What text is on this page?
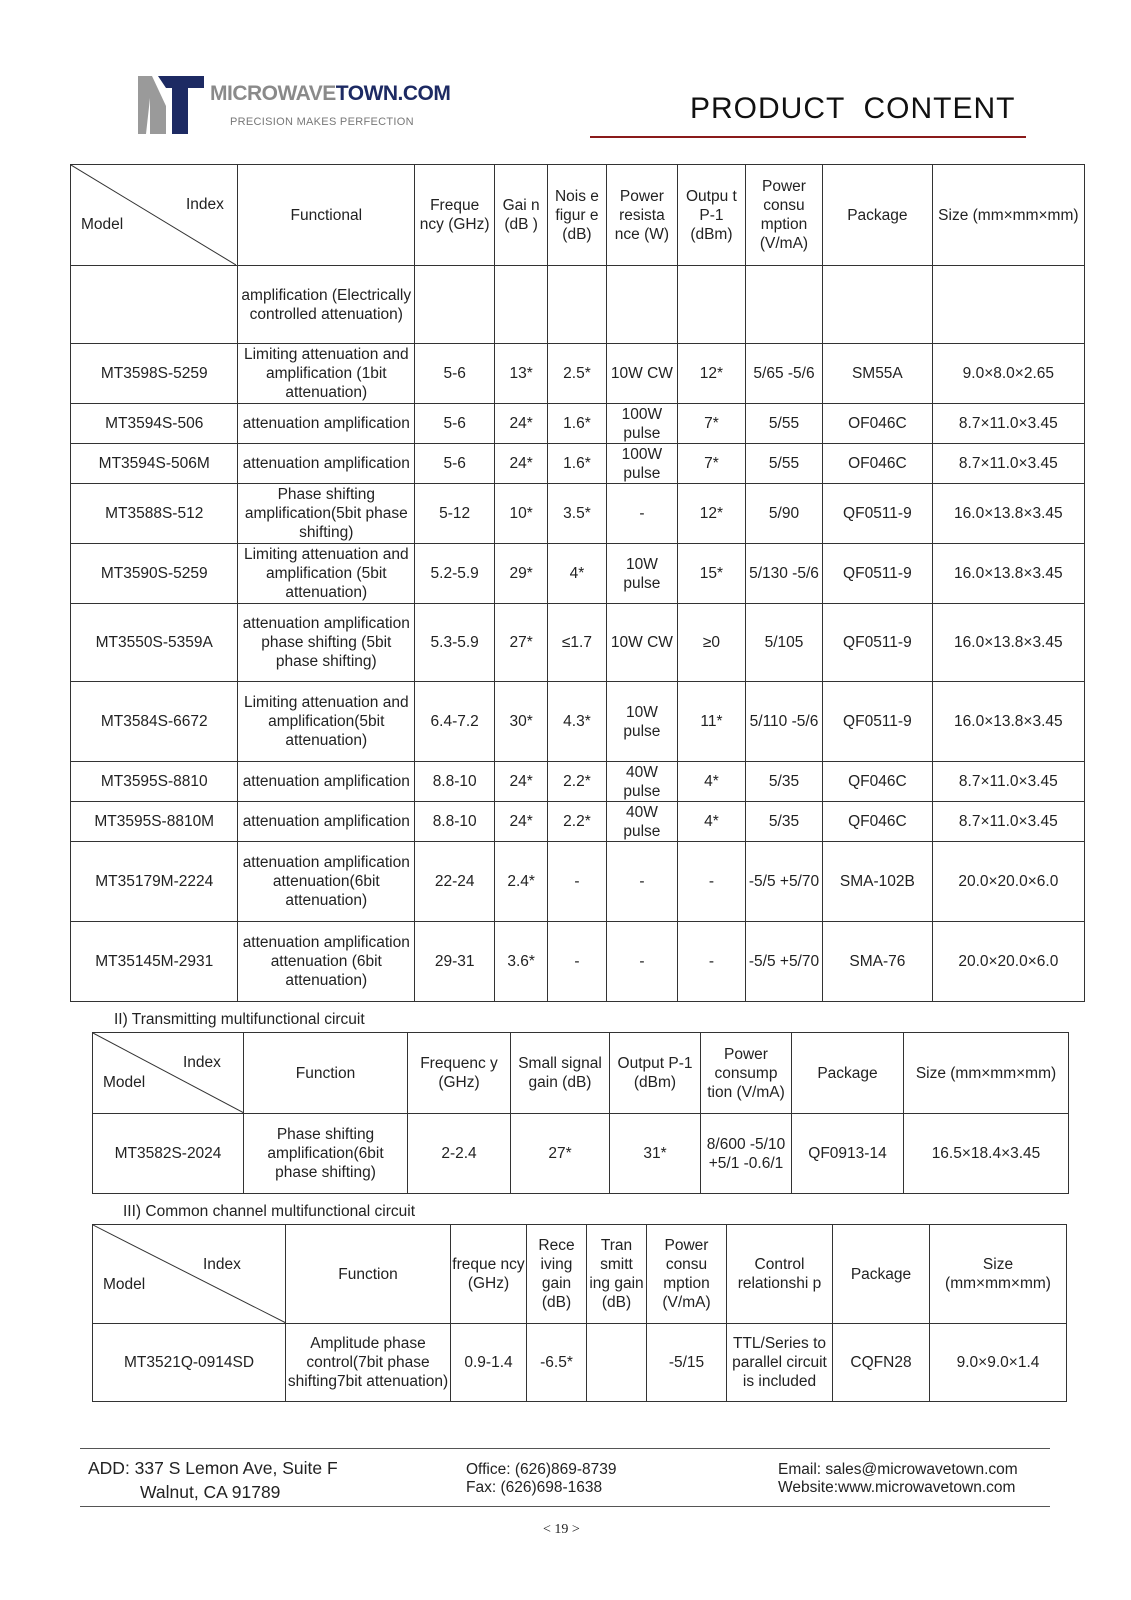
MICROWAVETOWN.COM
PRECISION MAKES PERFECTION	PRODUCT  CONTENT
Index
Model	Functional	Freque ncy (GHz)	Gai n (dB )	Nois e figur e (dB)	Power resista nce (W)	Outpu t P-1 (dBm)	Power consu mption (V/mA)	Package	Size (mm×mm×mm)
	amplification (Electrically controlled attenuation)								
MT3598S-5259	Limiting attenuation and amplification (1bit attenuation)	5-6	13*	2.5*	10W CW	12*	5/65 -5/6	SM55A	9.0×8.0×2.65
MT3594S-506	attenuation amplification	5-6	24*	1.6*	100W pulse	7*	5/55	OF046C	8.7×11.0×3.45
MT3594S-506M	attenuation amplification	5-6	24*	1.6*	100W pulse	7*	5/55	OF046C	8.7×11.0×3.45
MT3588S-512	Phase shifting amplification(5bit phase shifting)	5-12	10*	3.5*	-	12*	5/90	QF0511-9	16.0×13.8×3.45
MT3590S-5259	Limiting attenuation and amplification (5bit attenuation)	5.2-5.9	29*	4*	10W pulse	15*	5/130 -5/6	QF0511-9	16.0×13.8×3.45
MT3550S-5359A	attenuation amplification phase shifting (5bit phase shifting)	5.3-5.9	27*	≤1.7	10W CW	≥0	5/105	QF0511-9	16.0×13.8×3.45
MT3584S-6672	Limiting attenuation and amplification(5bit attenuation)	6.4-7.2	30*	4.3*	10W pulse	11*	5/110 -5/6	QF0511-9	16.0×13.8×3.45
MT3595S-8810	attenuation amplification	8.8-10	24*	2.2*	40W pulse	4*	5/35	QF046C	8.7×11.0×3.45
MT3595S-8810M	attenuation amplification	8.8-10	24*	2.2*	40W pulse	4*	5/35	QF046C	8.7×11.0×3.45
MT35179M-2224	attenuation amplification attenuation(6bit attenuation)	22-24	2.4*	-	-	-	-5/5 +5/70	SMA-102B	20.0×20.0×6.0
MT35145M-2931	attenuation amplification attenuation (6bit attenuation)	29-31	3.6*	-	-	-	-5/5 +5/70	SMA-76	20.0×20.0×6.0
II) Transmitting multifunctional circuit
Index
Model	Function	Frequenc y (GHz)	Small signal gain (dB)	Output P-1 (dBm)	Power consump tion (V/mA)	Package	Size (mm×mm×mm)
MT3582S-2024	Phase shifting amplification(6bit phase shifting)	2-2.4	27*	31*	8/600 -5/10 +5/1 -0.6/1	QF0913-14	16.5×18.4×3.45
III) Common channel multifunctional circuit
Index
Model	Function	freque ncy (GHz)	Rece iving gain (dB)	Tran smitt ing gain (dB)	Power consu mption (V/mA)	Control relationshi p	Package	Size (mm×mm×mm)
MT3521Q-0914SD	Amplitude phase control(7bit phase shifting7bit attenuation)	0.9-1.4	-6.5*		-5/15	TTL/Series to parallel circuit is included	CQFN28	9.0×9.0×1.4
ADD: 337 S Lemon Ave, Suite F
Walnut, CA 91789
Office: (626)869-8739
Fax: (626)698-1638
Email: sales@microwavetown.com
Website:www.microwavetown.com
< 19 >
